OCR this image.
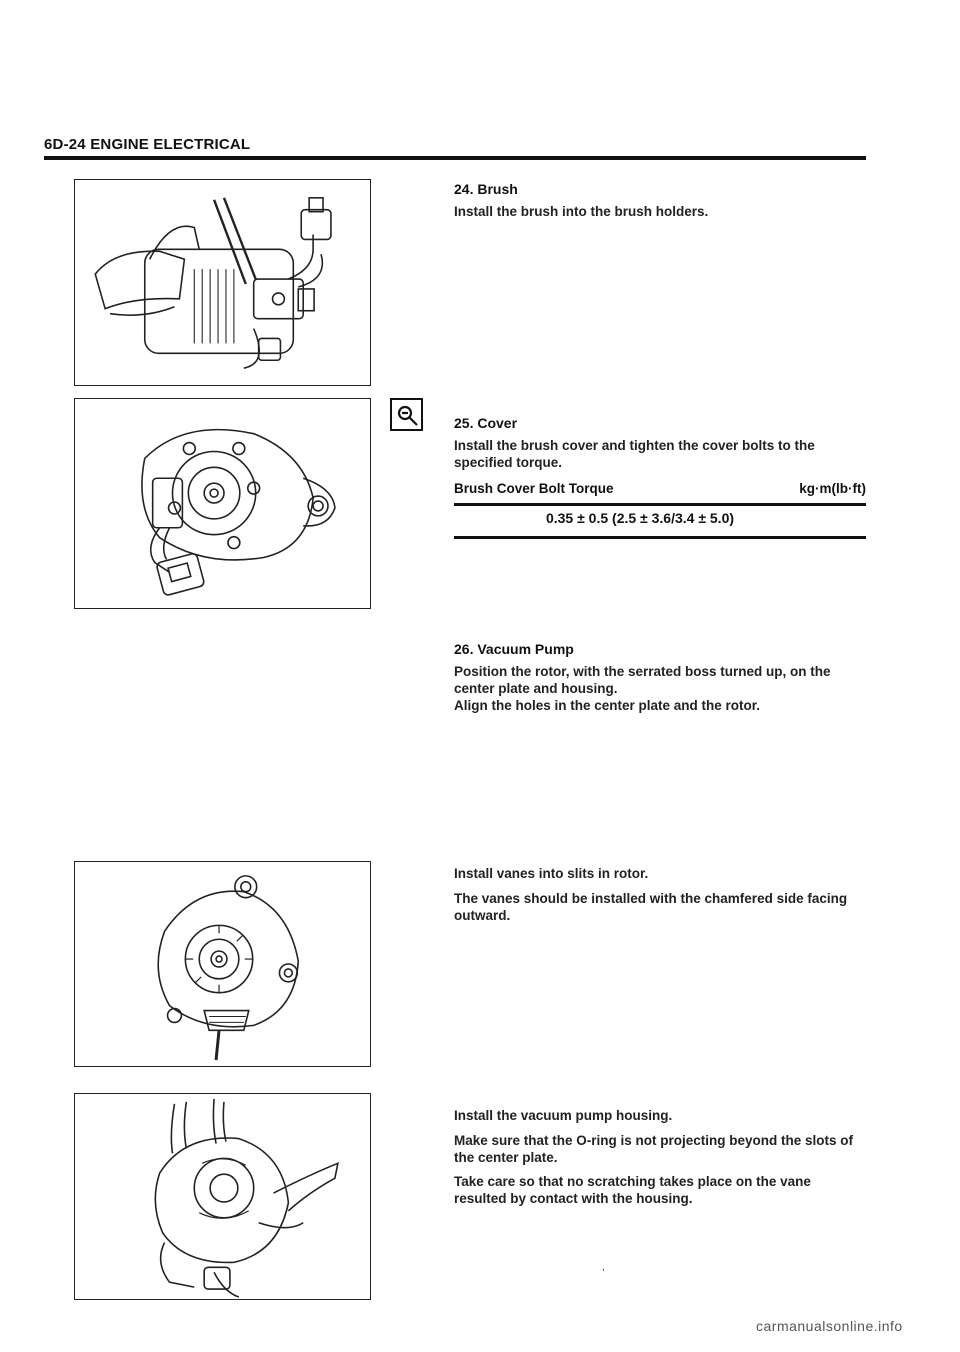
6D-24 ENGINE ELECTRICAL
24. Brush
Install the brush into the brush holders.
25. Cover
Install the brush cover and tighten the cover bolts to the specified torque.
Brush Cover Bolt Torque	kg·m(lb·ft)
0.35 ± 0.5 (2.5 ± 3.6/3.4 ± 5.0)
26. Vacuum Pump
Position the rotor, with the serrated boss turned up, on the center plate and housing.
Align the holes in the center plate and the rotor.
Install vanes into slits in rotor.
The vanes should be installed with the chamfered side facing outward.
Install the vacuum pump housing.
Make sure that the O-ring is not projecting beyond the slots of the center plate.
Take care so that no scratching takes place on the vane resulted by contact with the housing.
,
carmanualsonline.info
